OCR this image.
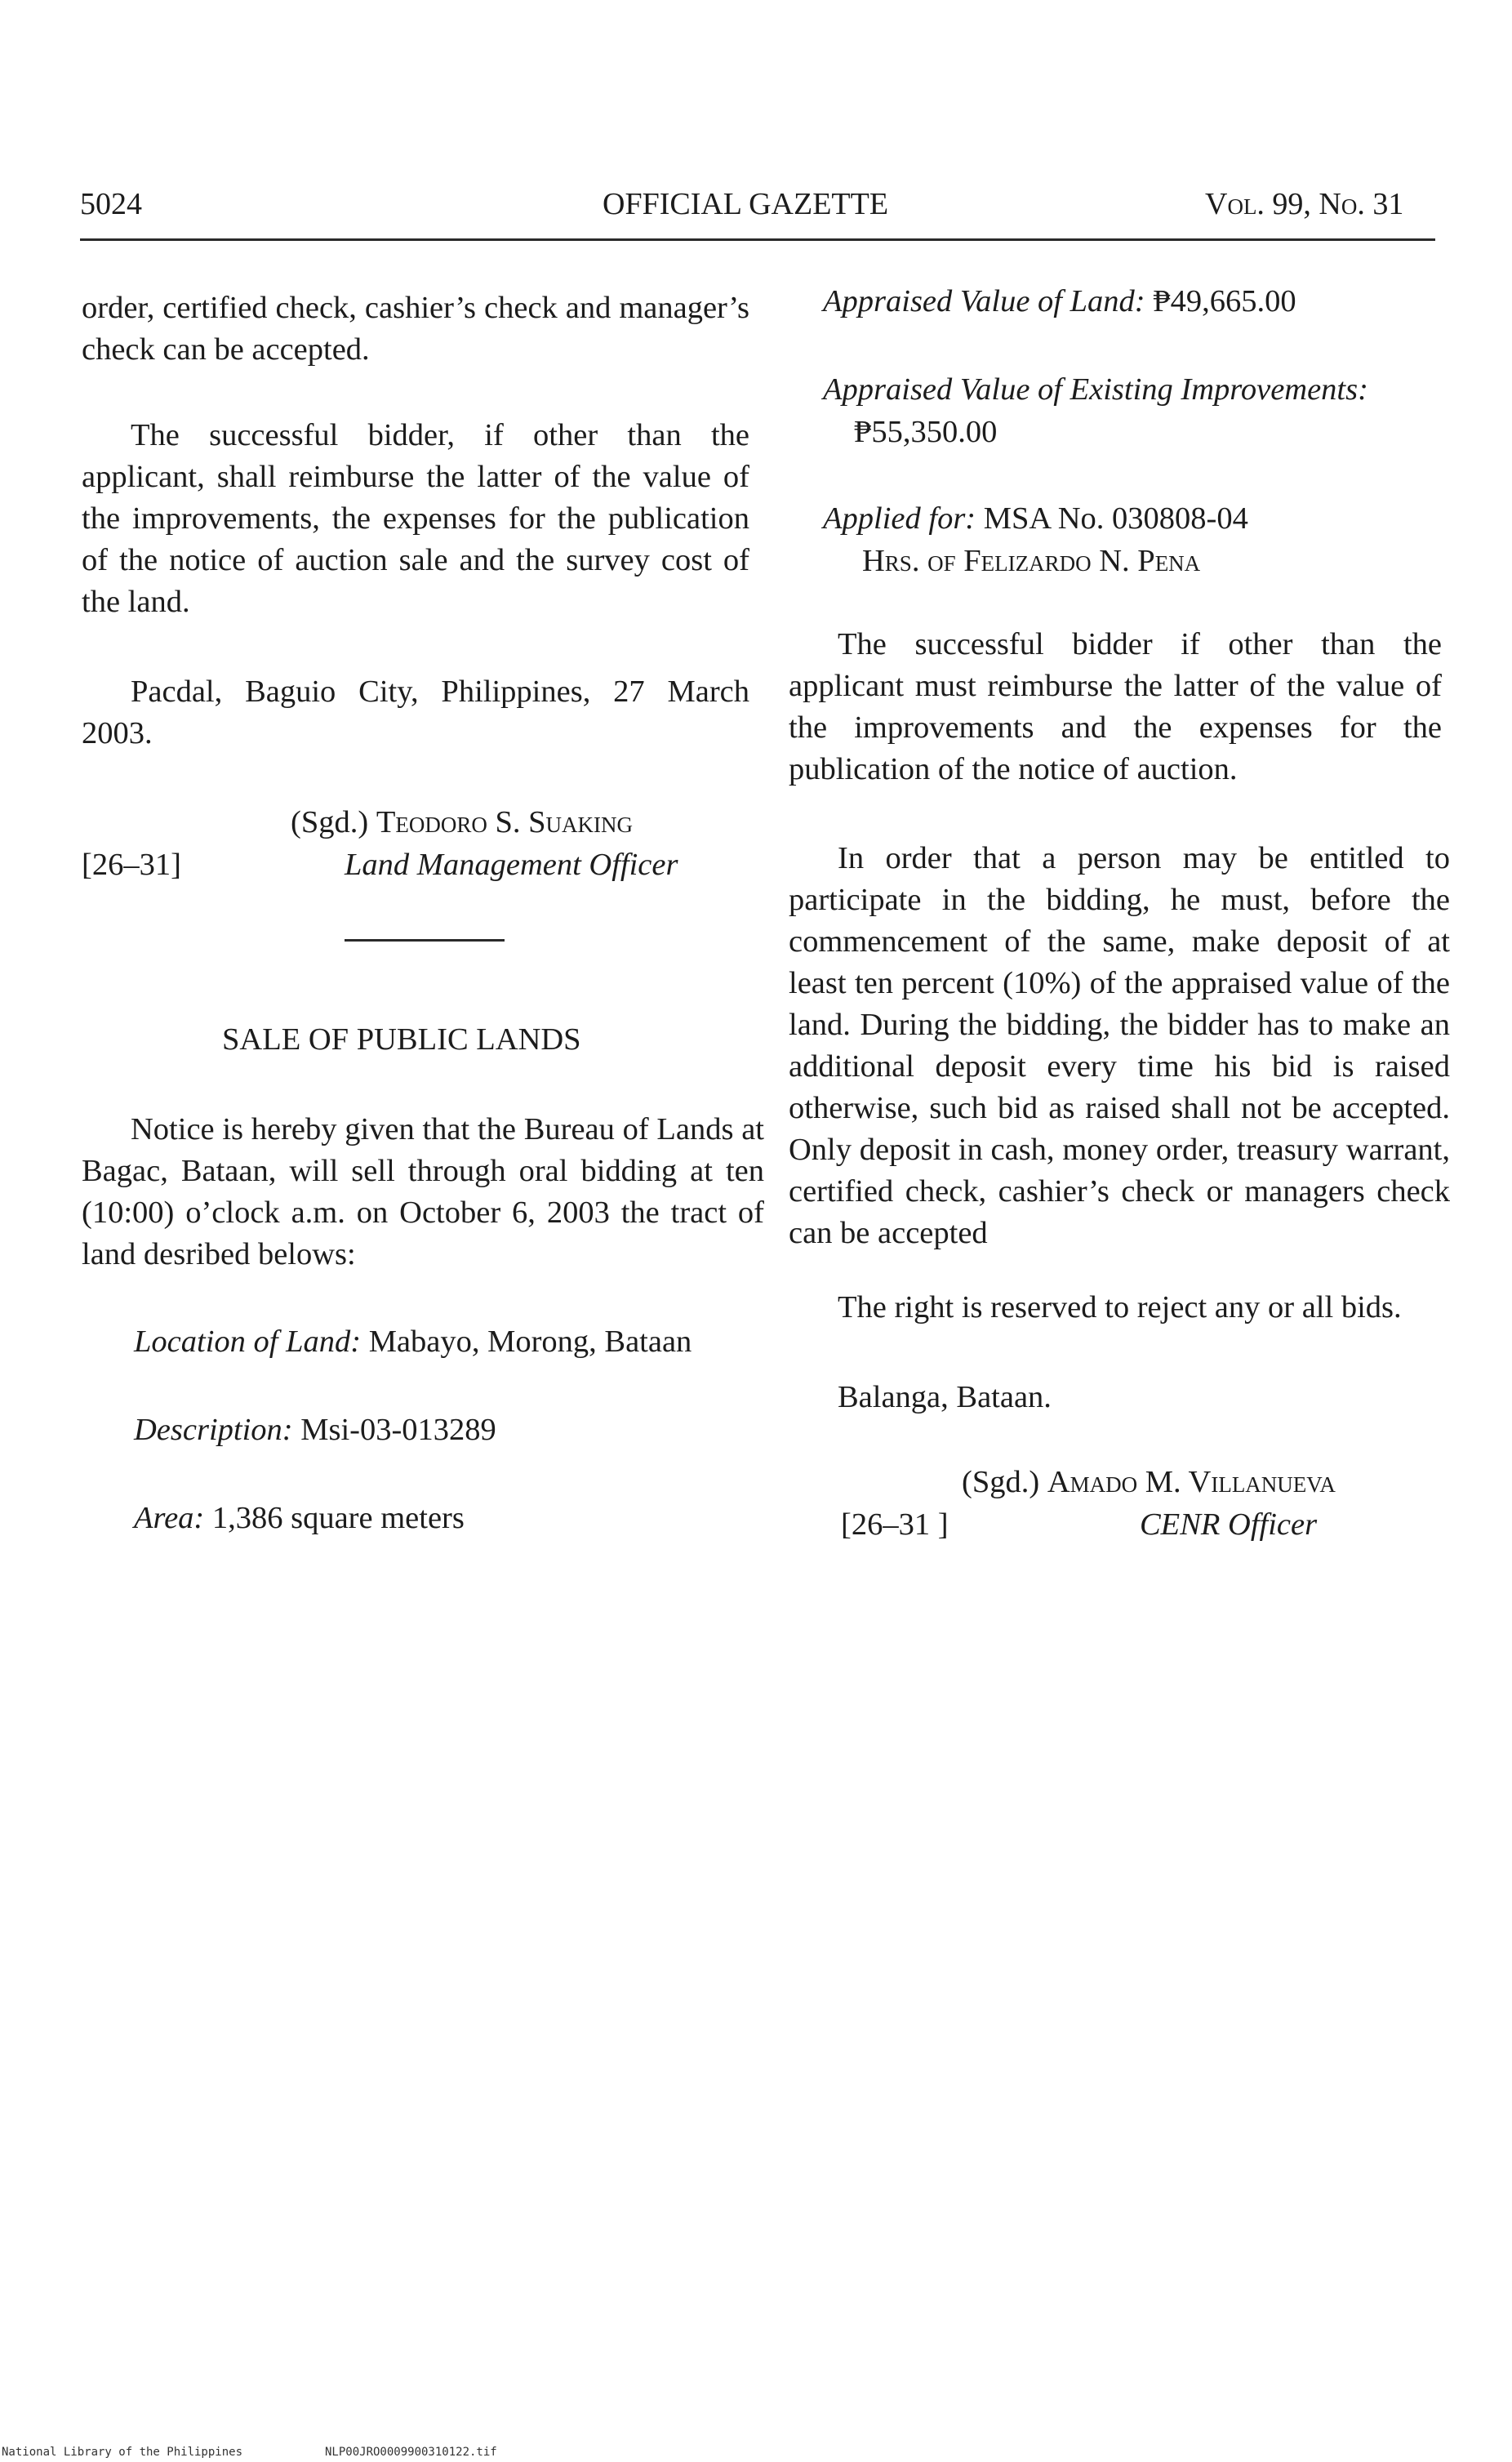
5024	OFFICIAL GAZETTE	Vol. 99, No. 31

order, certified check, cashier’s check and manager’s check can be accepted.

The successful bidder, if other than the applicant, shall reimburse the latter of the value of the improvements, the expenses for the publication of the notice of auction sale and the survey cost of the land.

Pacdal, Baguio City, Philippines, 27 March 2003.

(Sgd.) Teodoro S. Suaking
[26–31]	Land Management Officer
SALE OF PUBLIC LANDS

Notice is hereby given that the Bureau of Lands at Bagac, Bataan, will sell through oral bidding at ten (10:00) o’clock a.m. on October 6, 2003 the tract of land desribed belows:

Location of Land: Mabayo, Morong, Bataan
Description: Msi-03-013289
Area: 1,386 square meters
Appraised Value of Land: ₱49,665.00
Appraised Value of Existing Improvements:
₱55,350.00
Applied for: MSA No. 030808-04
Hrs. of Felizardo N. Pena

The successful bidder if other than the applicant must reimburse the latter of the value of the improvements and the expenses for the publication of the notice of auction.

In order that a person may be entitled to participate in the bidding, he must, before the commencement of the same, make deposit of at least ten percent (10%) of the appraised value of the land. During the bidding, the bidder has to make an additional deposit every time his bid is raised otherwise, such bid as raised shall not be accepted. Only deposit in cash, money order, treasury warrant, certified check, cashier’s check or managers check can be accepted

The right is reserved to reject any or all bids.
Balanga, Bataan.
(Sgd.) Amado M. Villanueva
[26–31 ]	CENR Officer
National Library of the Philippines	NLP00JRO0009900310122.tif
